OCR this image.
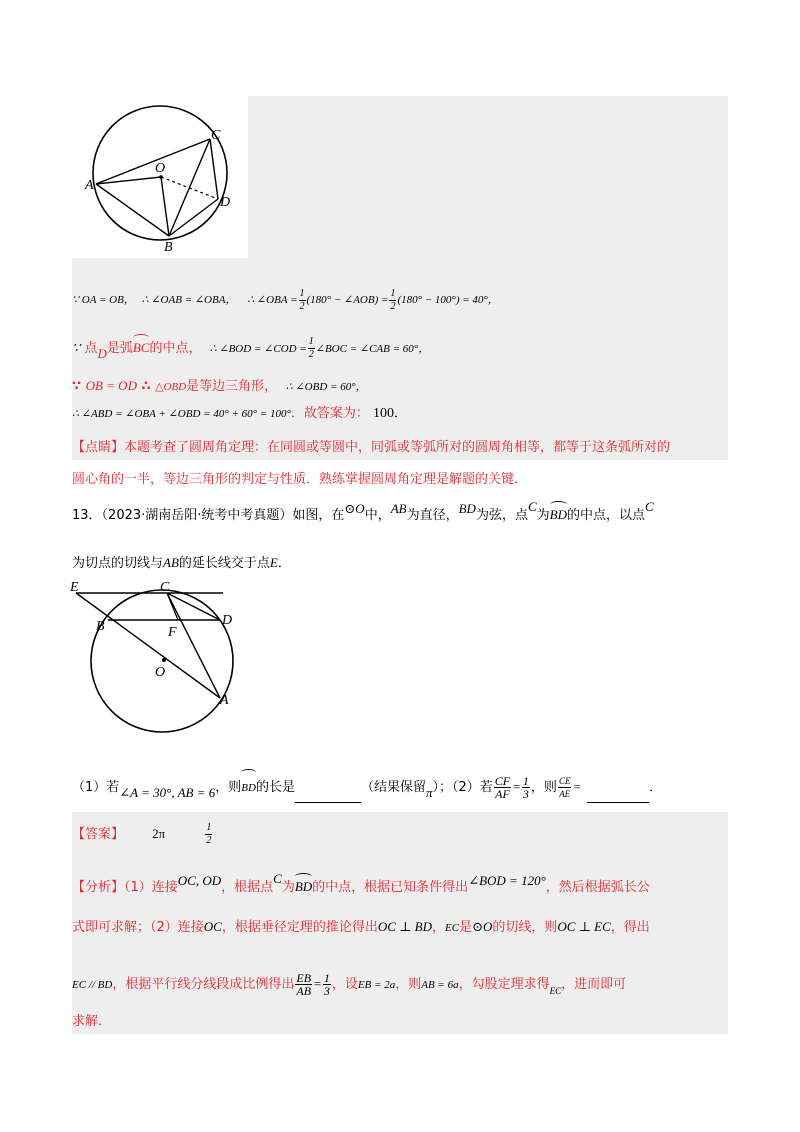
A
O
C
D
B
∵ OA = OB， ∴ ∠OAB = ∠OBA， ∴ ∠OBA = $\frac{1}{2} (180^\circ$ − ∠AOB) = $\frac{1}{2} (180^\circ - 100^\circ) = 40^\circ$，
∵ 点D是弧BC的中点， ∴ ∠BOD = ∠COD = $\frac{1}{2}$ ∠BOC = ∠CAB = 60°，
∵ OB = OD ∴ △OBD是等边三角形， ∴ ∠OBD = 60°，
∴ ∠ABD = ∠OBA + ∠OBD = 40° + 60° = 100°．故答案为： 100．
【点睛】本题考查了圆周角定理：在同圆或等圆中，同弧或等弧所对的圆周角相等，都等于这条弧所对的
圆心角的一半，等边三角形的判定与性质．熟练掌握圆周角定理是解题的关键．
13．（2023·湖南岳阳·统考中考真题）如图，在⊙O中，AB为直径，BD为弦，点C为BD的中点，以点C
为切点的切线与AB的延长线交于点E．
E	C
D
B	F
O
A
（1）若∠A = 30°, AB = 6，则BD的长是	（结果保留π）；（2）若 $\frac{CF}{AF} = \frac{1}{3}$ ，则 $\frac{CE}{AE}$ =	．
【答案】 2π	$\frac{1}{2}$
【分析】（1）连接OC, OD，根据点C为BD的中点，根据已知条件得出∠BOD = 120°，然后根据弧长公
式即可求解；（2）连接OC，根据垂径定理的推论得出OC ⊥ BD，EC是⊙O的切线，则OC ⊥ EC，得出
EC // BD，根据平行线分线段成比例得出 $\frac{EB}{AB} = \frac{1}{3}$ ，设EB = 2a，则AB = 6a，勾股定理求得$_{EC}$，进而即可
求解．
